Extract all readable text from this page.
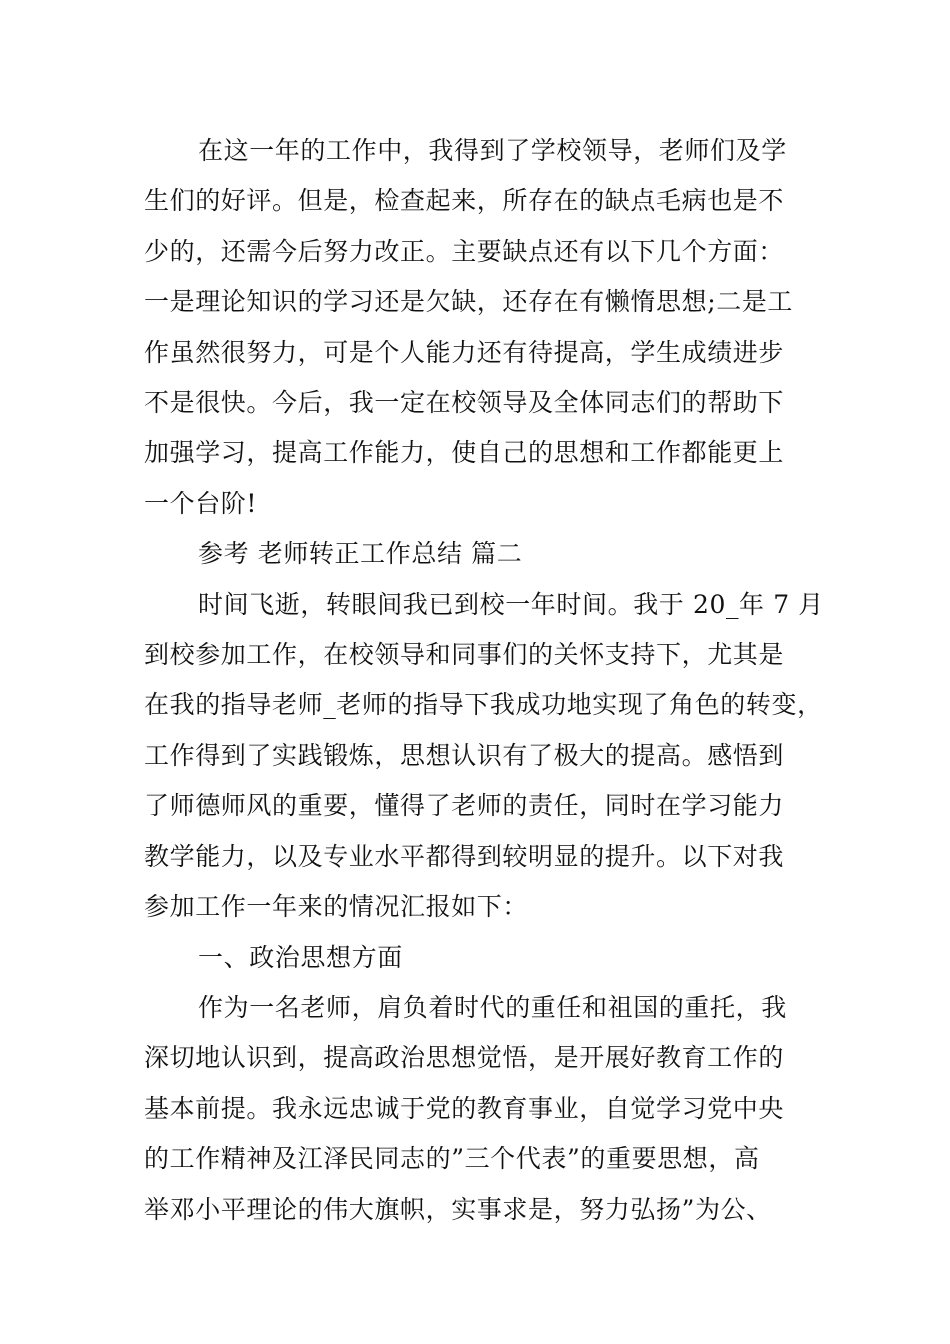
在这一年的工作中，我得到了学校领导，老师们及学
生们的好评。但是，检查起来，所存在的缺点毛病也是不
少的，还需今后努力改正。主要缺点还有以下几个方面：
一是理论知识的学习还是欠缺，还存在有懒惰思想;二是工
作虽然很努力，可是个人能力还有待提高，学生成绩进步
不是很快。今后，我一定在校领导及全体同志们的帮助下
加强学习，提高工作能力，使自己的思想和工作都能更上
一个台阶!
参考 老师转正工作总结 篇二
时间飞逝，转眼间我已到校一年时间。我于 20_年 7 月
到校参加工作，在校领导和同事们的关怀支持下，尤其是
在我的指导老师_老师的指导下我成功地实现了角色的转变，
工作得到了实践锻炼，思想认识有了极大的提高。感悟到
了师德师风的重要，懂得了老师的责任，同时在学习能力
教学能力，以及专业水平都得到较明显的提升。以下对我
参加工作一年来的情况汇报如下：
一、政治思想方面
作为一名老师，肩负着时代的重任和祖国的重托，我
深切地认识到，提高政治思想觉悟，是开展好教育工作的
基本前提。我永远忠诚于党的教育事业，自觉学习党中央
的工作精神及江泽民同志的”三个代表”的重要思想，高
举邓小平理论的伟大旗帜，实事求是，努力弘扬”为公、
